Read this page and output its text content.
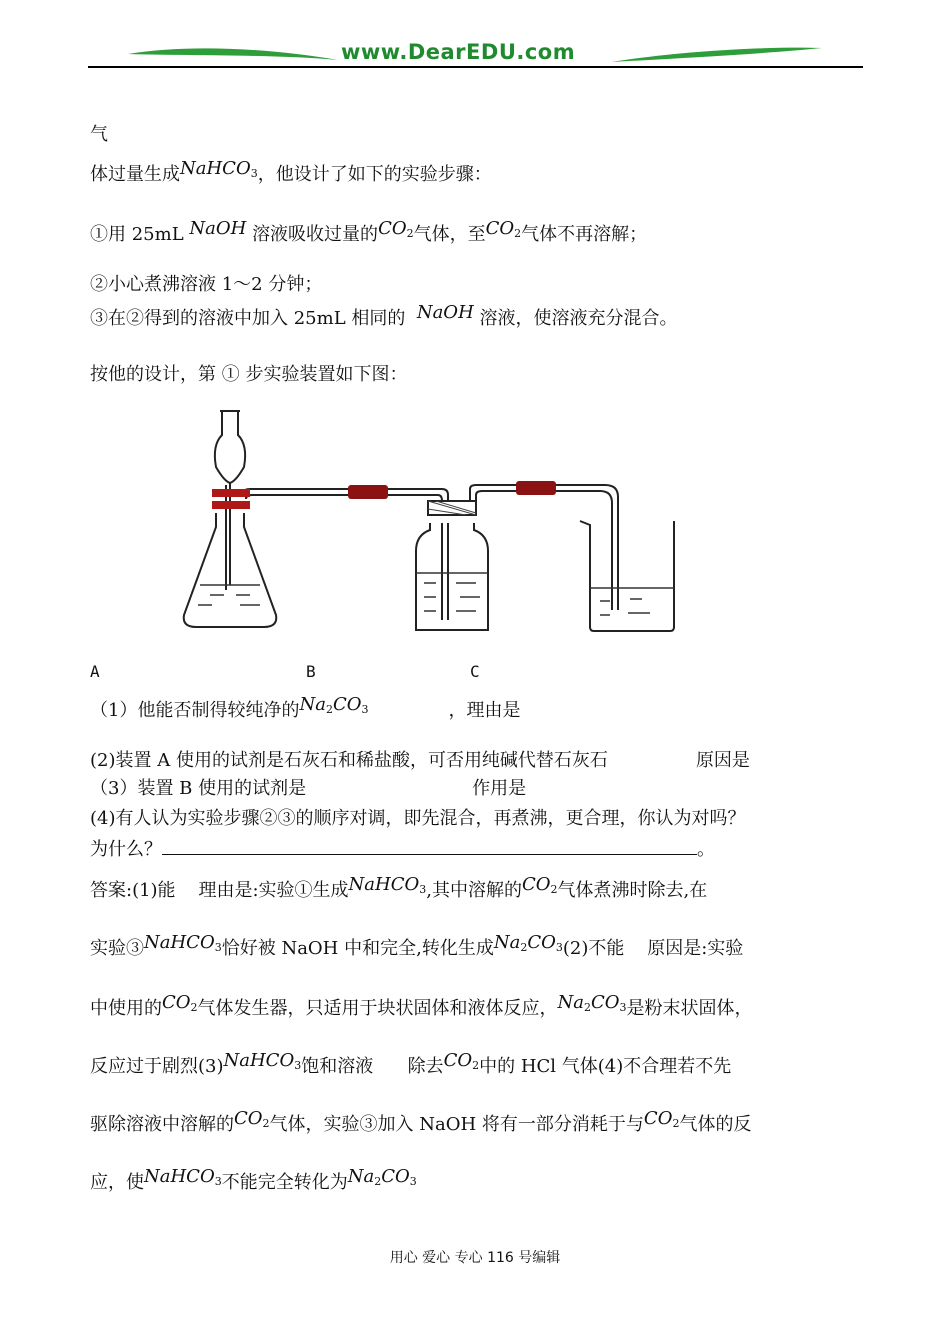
www.DearEDU.com
气
体过量生成NaHCO$_3$，他设计了如下的实验步骤：
①用 25mL NaOH 溶液吸收过量的$CO_2$气体，至$CO_2$气体不再溶解；
②小心煮沸溶液 1～2 分钟；
③在②得到的溶液中加入 25mL 相同的 NaOH 溶液，使溶液充分混合。
按他的设计，第 ① 步实验装置如下图：
A	B	C
（1）他能否制得较纯净的$Na_2CO_3$	，理由是
(2)装置 A 使用的试剂是石灰石和稀盐酸，可否用纯碱代替石灰石	原因是
（3）装置 B 使用的试剂是	作用是
(4)有人认为实验步骤②③的顺序对调，即先混合，再煮沸，更合理，你认为对吗？
为什么？	。
答案:(1)能 理由是:实验①生成NaHCO$_3$,其中溶解的$CO_2$气体煮沸时除去,在
实验③NaHCO$_3$恰好被 NaOH 中和完全,转化生成$Na_2CO_3(2)$不能 原因是:实验
中使用的$CO_2$气体发生器，只适用于块状固体和液体反应，$Na_2CO_3$是粉末状固体，
反应过于剧烈(3)NaHCO$_3$饱和溶液 除去$CO_2$中的 HCl 气体(4)不合理若不先
驱除溶液中溶解的$CO_2$气体，实验③加入 NaOH 将有一部分消耗于与$CO_2$气体的反
应，使NaHCO$_3$不能完全转化为$Na_2CO_3$
用心 爱心 专心 116 号编辑
